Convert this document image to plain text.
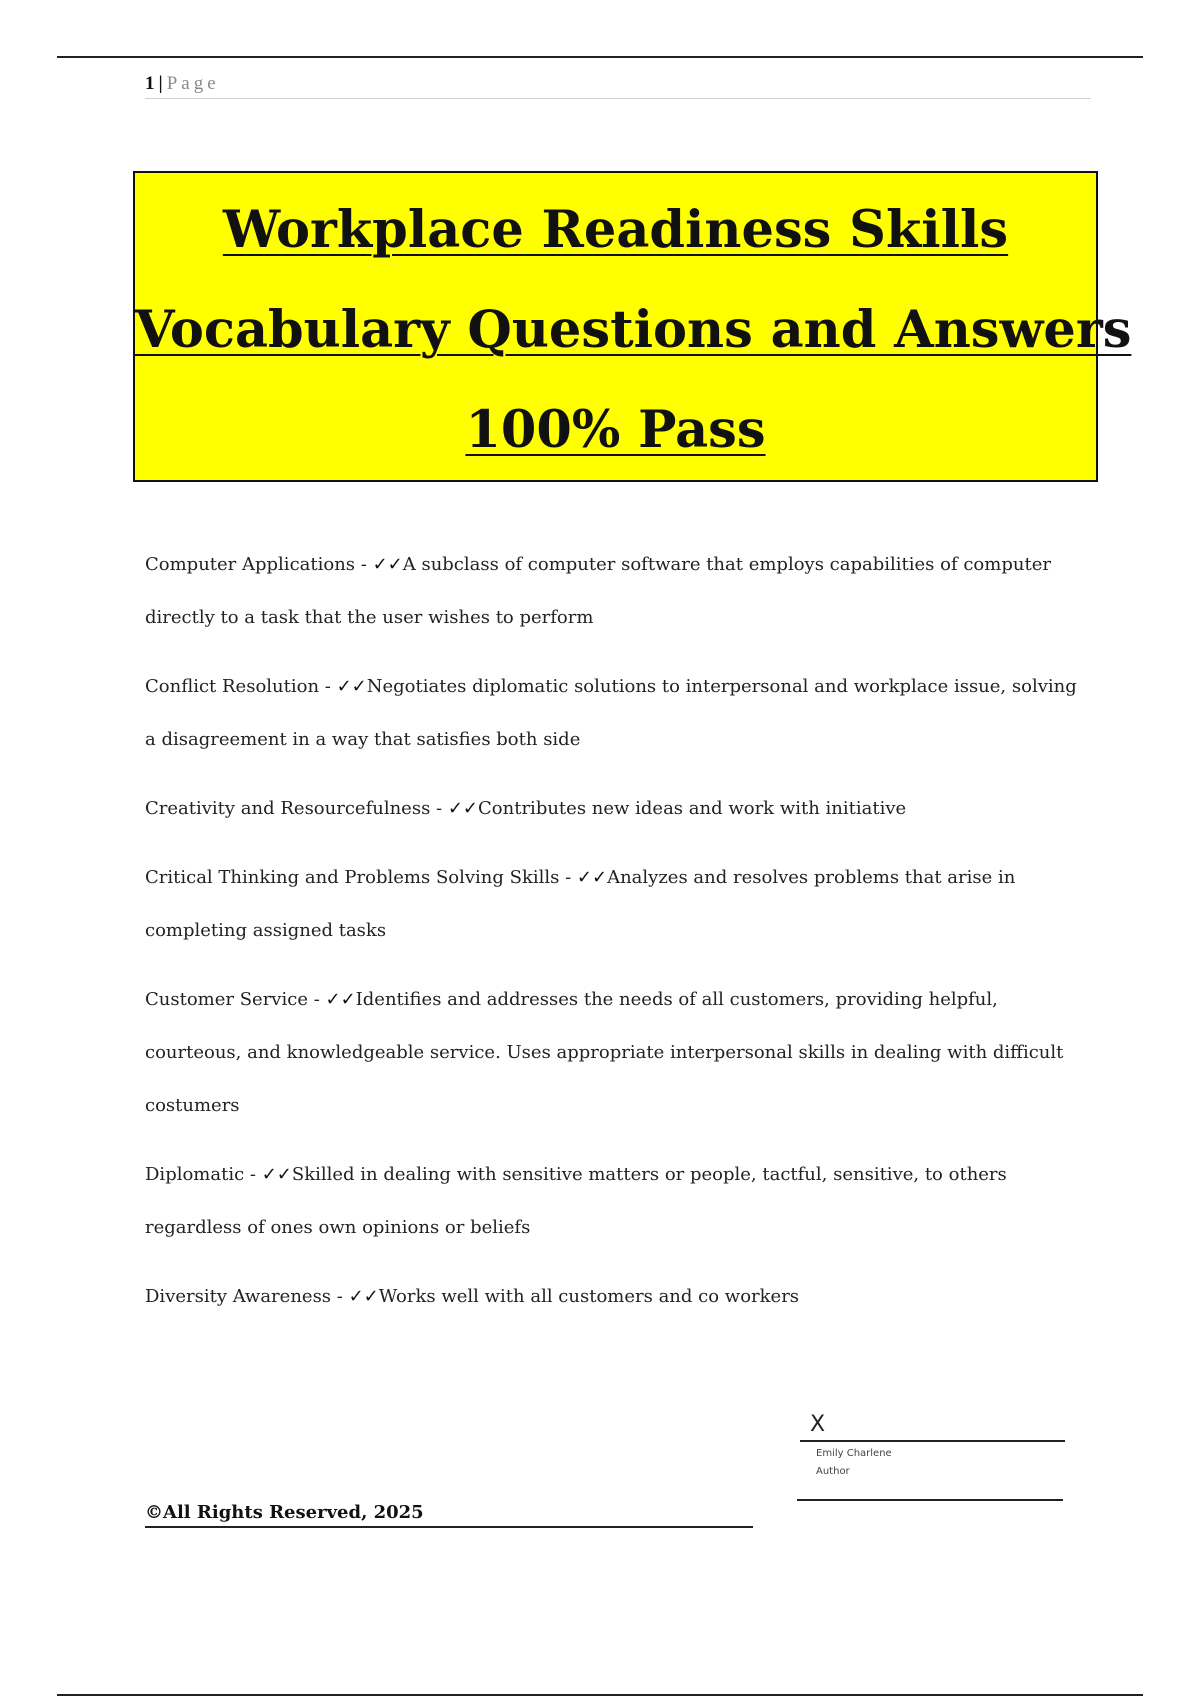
1 | Page
Workplace Readiness Skills
Vocabulary Questions and Answers
100% Pass
Computer Applications - ✓✓A subclass of computer software that employs capabilities of computer directly to a task that the user wishes to perform
Conflict Resolution - ✓✓Negotiates diplomatic solutions to interpersonal and workplace issue, solving a disagreement in a way that satisfies both side
Creativity and Resourcefulness - ✓✓Contributes new ideas and work with initiative
Critical Thinking and Problems Solving Skills - ✓✓Analyzes and resolves problems that arise in completing assigned tasks
Customer Service - ✓✓Identifies and addresses the needs of all customers, providing helpful, courteous, and knowledgeable service. Uses appropriate interpersonal skills in dealing with difficult costumers
Diplomatic - ✓✓Skilled in dealing with sensitive matters or people, tactful, sensitive, to others regardless of ones own opinions or beliefs
Diversity Awareness - ✓✓Works well with all customers and co workers
X
Emily Charlene
Author
©All Rights Reserved, 2025
